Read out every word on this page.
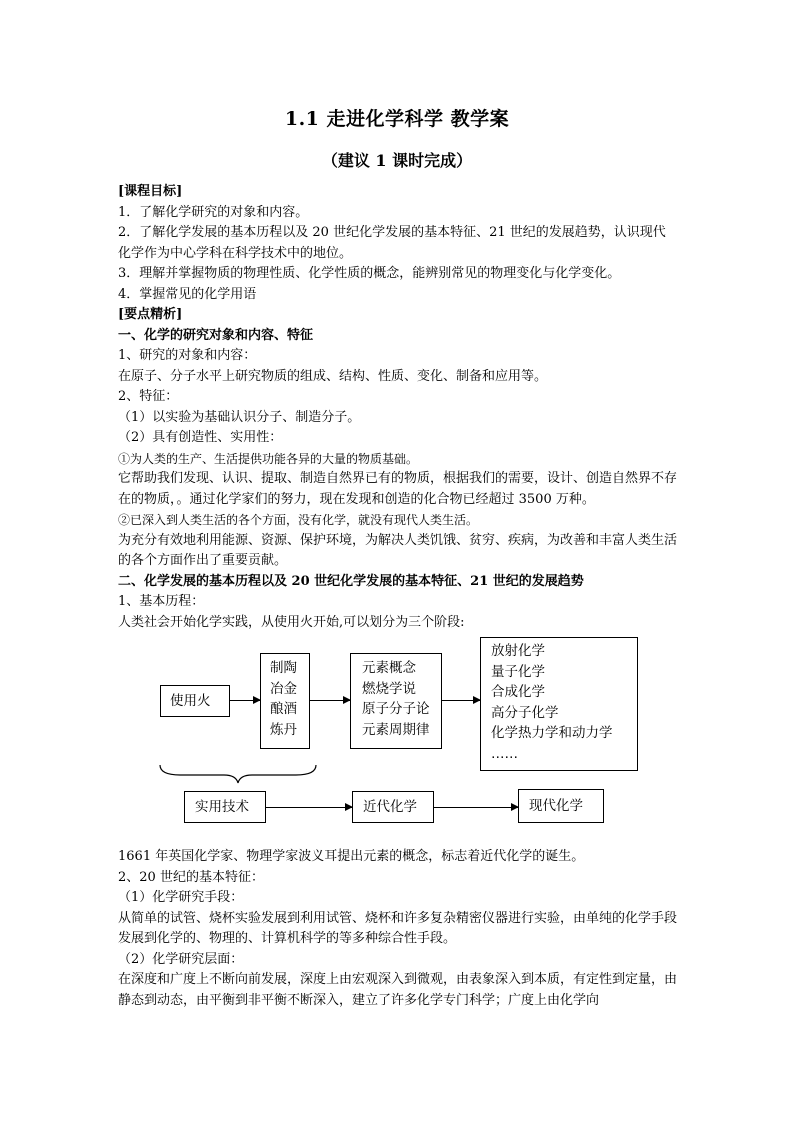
1.1 走进化学科学 教学案
（建议 1 课时完成）

[课程目标]

1．了解化学研究的对象和内容。

2．了解化学发展的基本历程以及 20 世纪化学发展的基本特征、21 世纪的发展趋势，认识现代化学作为中心学科在科学技术中的地位。

3．理解并掌握物质的物理性质、化学性质的概念，能辨别常见的物理变化与化学变化。

4．掌握常见的化学用语

[要点精析]

一、化学的研究对象和内容、特征

1、研究的对象和内容：

在原子、分子水平上研究物质的组成、结构、性质、变化、制备和应用等。

2、特征：

（1）以实验为基础认识分子、制造分子。

（2）具有创造性、实用性：

①为人类的生产、生活提供功能各异的大量的物质基础。

它帮助我们发现、认识、提取、制造自然界已有的物质，根据我们的需要，设计、创造自然界不存在的物质，。通过化学家们的努力，现在发现和创造的化合物已经超过 3500 万种。

②已深入到人类生活的各个方面，没有化学，就没有现代人类生活。

为充分有效地利用能源、资源、保护环境，为解决人类饥饿、贫穷、疾病，为改善和丰富人类生活的各个方面作出了重要贡献。

二、化学发展的基本历程以及 20 世纪化学发展的基本特征、21 世纪的发展趋势

1、基本历程：

人类社会开始化学实践，从使用火开始,可以划分为三个阶段:

使用火
制陶
冶金
酿酒
炼丹
元素概念
燃烧学说
原子分子论
元素周期律
放射化学
量子化学
合成化学
高分子化学
化学热力学和动力学
……
实用技术	近代化学	现代化学

1661 年英国化学家、物理学家波义耳提出元素的概念，标志着近代化学的诞生。

2、20 世纪的基本特征：

（1）化学研究手段：

从简单的试管、烧杯实验发展到利用试管、烧杯和许多复杂精密仪器进行实验，由单纯的化学手段发展到化学的、物理的、计算机科学的等多种综合性手段。

（2）化学研究层面：

在深度和广度上不断向前发展，深度上由宏观深入到微观，由表象深入到本质，有定性到定量，由静态到动态，由平衡到非平衡不断深入，建立了许多化学专门科学；广度上由化学向
